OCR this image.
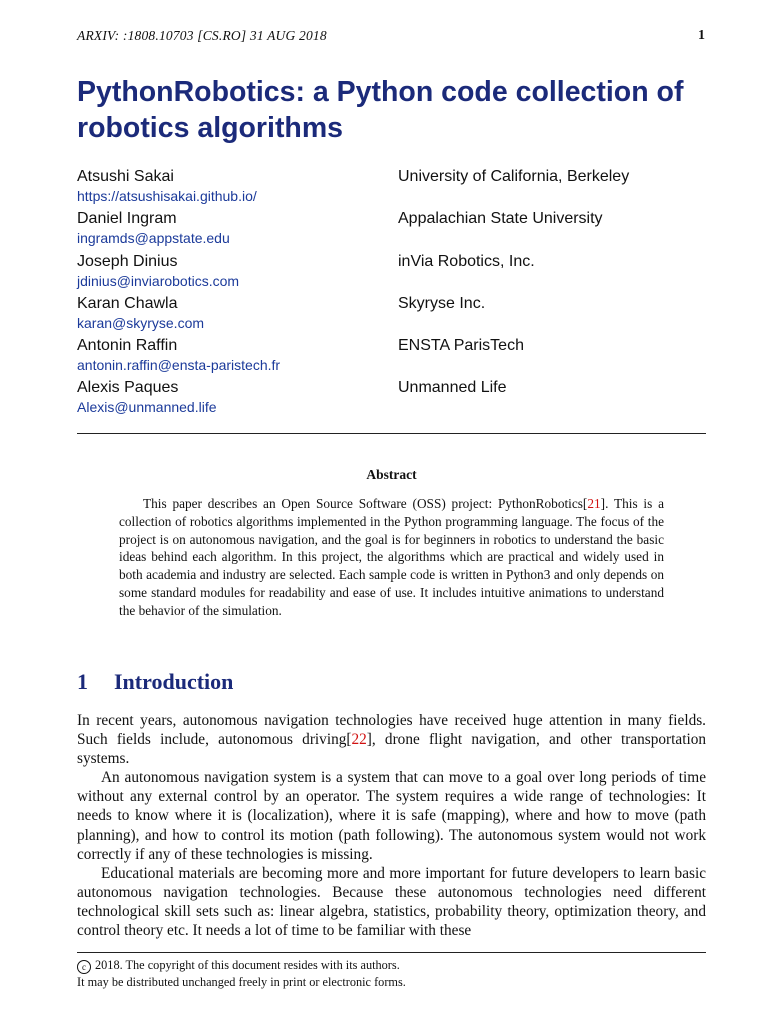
ARXIV: :1808.10703 [CS.RO] 31 AUG 2018	1
PythonRobotics: a Python code collection of robotics algorithms
Atsushi Sakai
https://atsushisakai.github.io/
University of California, Berkeley
Daniel Ingram
ingramds@appstate.edu
Appalachian State University
Joseph Dinius
jdinius@inviarobotics.com
inVia Robotics, Inc.
Karan Chawla
karan@skyryse.com
Skyryse Inc.
Antonin Raffin
antonin.raffin@ensta-paristech.fr
ENSTA ParisTech
Alexis Paques
Alexis@unmanned.life
Unmanned Life
Abstract

This paper describes an Open Source Software (OSS) project: PythonRobotics[21]. This is a collection of robotics algorithms implemented in the Python programming language. The focus of the project is on autonomous navigation, and the goal is for beginners in robotics to understand the basic ideas behind each algorithm. In this project, the algorithms which are practical and widely used in both academia and industry are selected. Each sample code is written in Python3 and only depends on some standard modules for readability and ease of use. It includes intuitive animations to understand the behavior of the simulation.

1 Introduction

In recent years, autonomous navigation technologies have received huge attention in many fields. Such fields include, autonomous driving[22], drone flight navigation, and other transportation systems.

An autonomous navigation system is a system that can move to a goal over long periods of time without any external control by an operator. The system requires a wide range of technologies: It needs to know where it is (localization), where it is safe (mapping), where and how to move (path planning), and how to control its motion (path following). The autonomous system would not work correctly if any of these technologies is missing.

Educational materials are becoming more and more important for future developers to learn basic autonomous navigation technologies. Because these autonomous technologies need different technological skill sets such as: linear algebra, statistics, probability theory, optimization theory, and control theory etc. It needs a lot of time to be familiar with these

c 2018. The copyright of this document resides with its authors.
It may be distributed unchanged freely in print or electronic forms.
